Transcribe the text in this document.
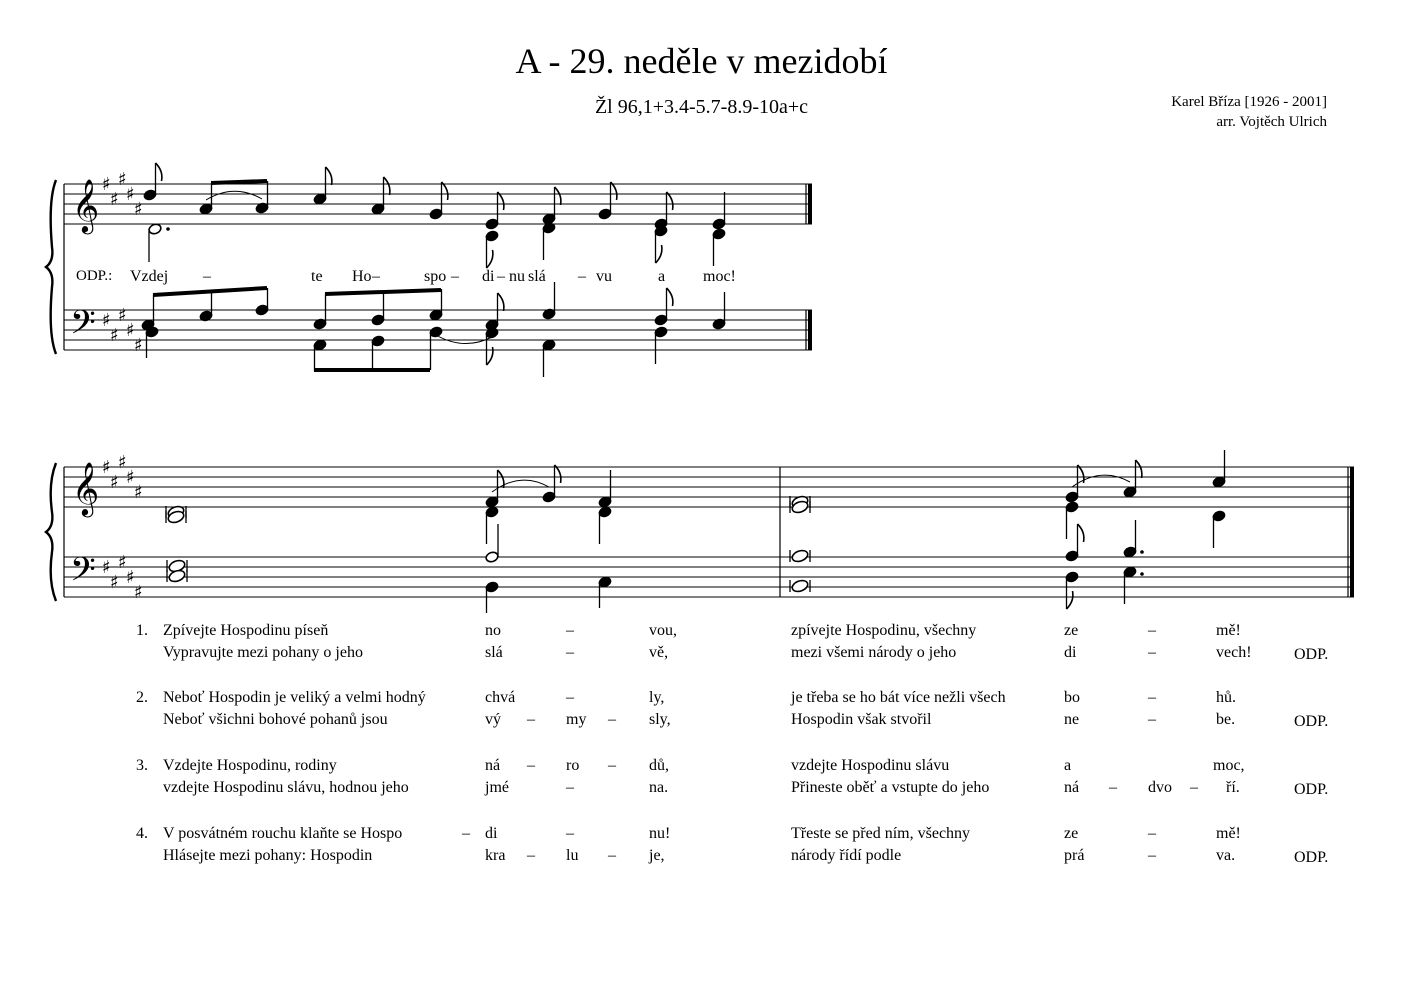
A - 29. neděle v mezidobí
Žl 96,1+3.4-5.7-8.9-10a+c	Karel Bříza [1926 - 2001]
arr. Vojtěch Ulrich
𝄞
𝄢
♯
♯
♯
♯
♯
♯
♯
♯
♯
♯
𝄞
𝄢
♯
♯
♯
♯
♯
♯
♯
♯
♯
♯
ODP.: Vzdej –	te Ho –	spo – di – nu slá – vu	a moc!
1. Zpívejte Hospodinu píseň	no	–	vou,	zpívejte Hospodinu, všechny	ze	–	mě!
Vypravujte mezi pohany o jeho	slá	–	vě,	mezi všemi národy o jeho	di	–	vech!	ODP.
2. Neboť Hospodin je veliký a velmi hodný	chvá	–	ly,	je třeba se ho bát více nežli všech	bo	–	hů.
Neboť všichni bohové pohanů jsou	vý – my – sly,	Hospodin však stvořil	ne	–	be.	ODP.
3. Vzdejte Hospodinu, rodiny	ná – ro – dů,	vzdejte Hospodinu slávu	a	moc,
vzdejte Hospodinu slávu, hodnou jeho	jmé	–	na.	Přineste oběť a vstupte do jeho	ná – dvo – ří.	ODP.
4. V posvátném rouchu klaňte se Hospo	– di	–	nu!	Třeste se před ním, všechny	ze	–	mě!
Hlásejte mezi pohany: Hospodin	kra – lu – je,	národy řídí podle	prá	–	va.	ODP.
